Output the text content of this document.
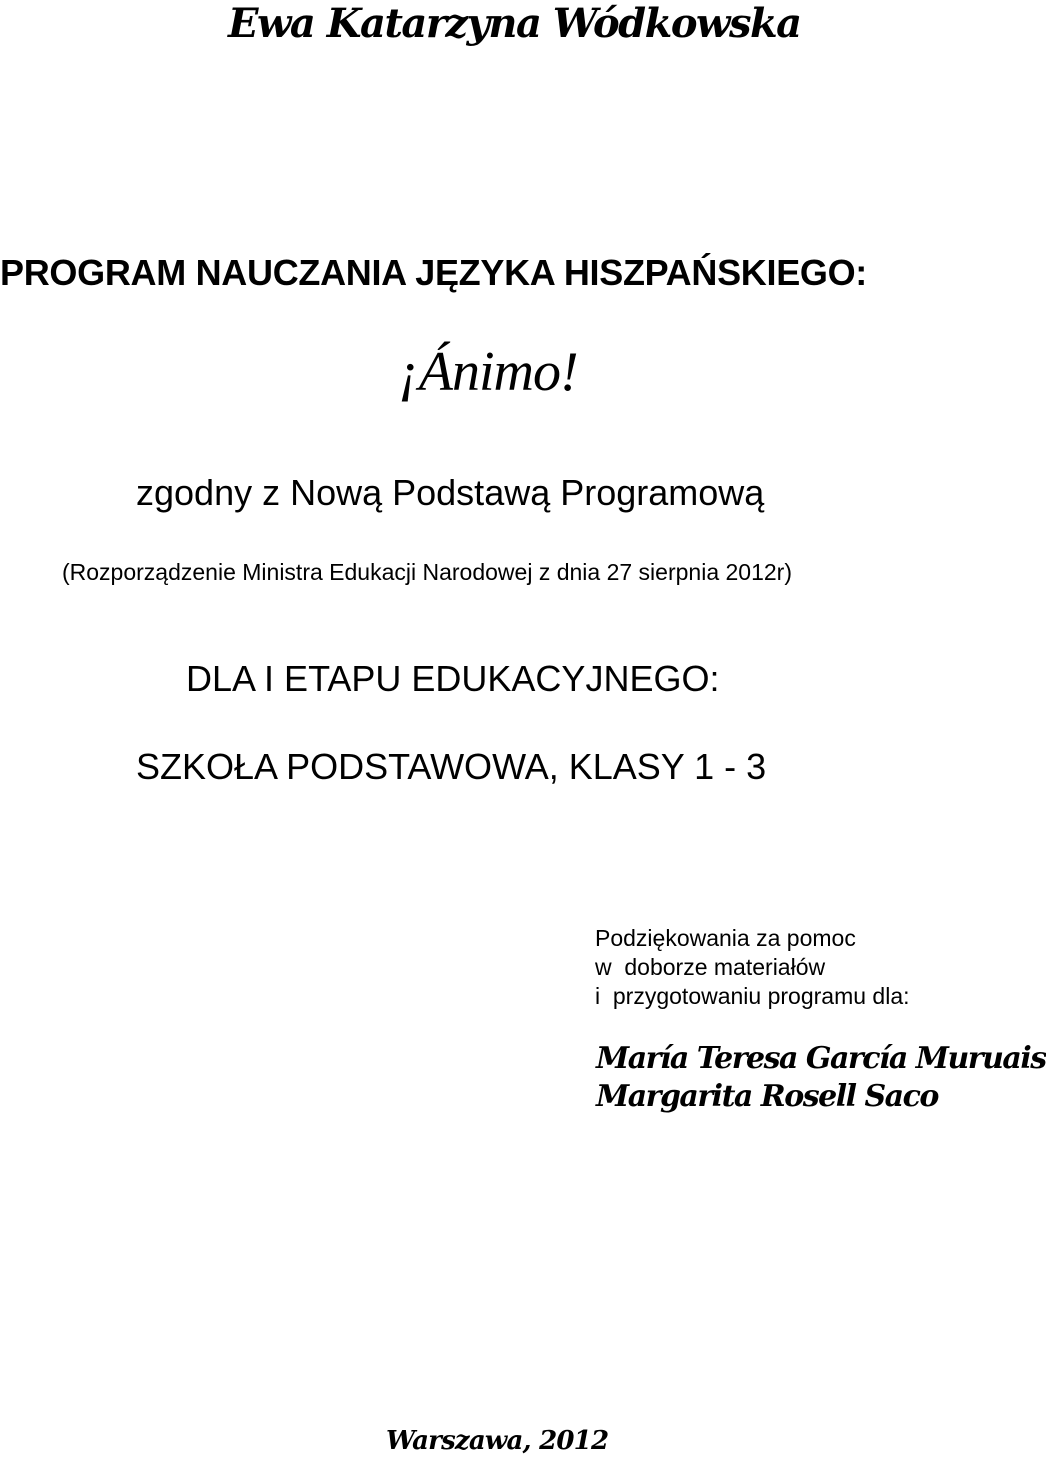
Ewa Katarzyna Wódkowska
PROGRAM NAUCZANIA JĘZYKA HISZPAŃSKIEGO:
¡Ánimo!
zgodny z Nową Podstawą Programową
(Rozporządzenie Ministra Edukacji Narodowej z dnia 27 sierpnia 2012r)
DLA I ETAPU EDUKACYJNEGO:
SZKOŁA PODSTAWOWA, KLASY 1 - 3
Podziękowania za pomoc
w  doborze materiałów
i  przygotowaniu programu dla:
María Teresa García Muruais
Margarita Rosell Saco
Warszawa, 2012
